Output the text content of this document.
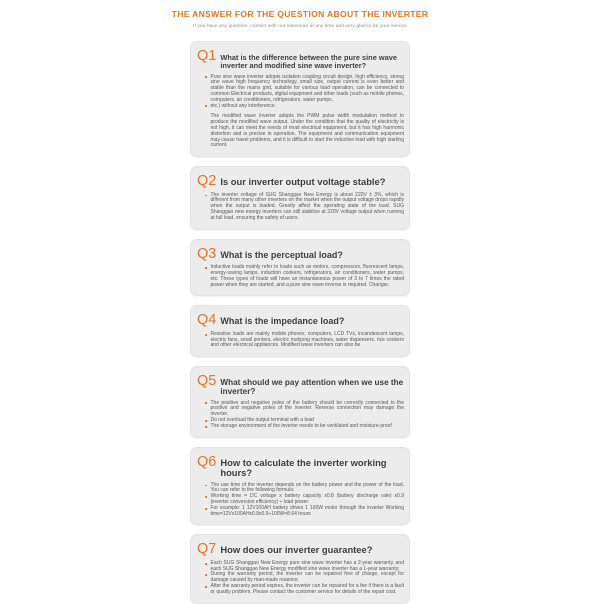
THE ANSWER FOR THE QUESTION ABOUT THE INVERTER

If you have any question, contact with our salesman at any time and very glad to be your service

Q1 What is the difference between the pure sine wave inverter and modified sine wave inverter?
Pure sine wave inverter adopts isolation coupling circuit design, high efficiency, strong sine wave high frequency technology, small size, output current is even better and stable than the mains grid, suitable for various load operation, can be connected to common Electrical products, digital equipment and other loads (such as mobile phones, computers, air conditioners, refrigerators, water pumps,
etc.) without any interference.
The modified wave inverter adopts the PWM pulse width modulation method to produce the modified wave output. Under the condition that the quality of electricity is not high, it can meet the needs of most electrical equipment, but it has high harmonic distortion and is precise in operation. The equipment and communication equipment may cause travel problems, and it is difficult to start the inductive load with high starting current.
Q2 Is our inverter output voltage stable?
The inverter voltage of SUG Shanggao New Energy is about 220V ± 3%, which is different from many other inverters on the market when the output voltage drops rapidly when the output is loaded. Greatly affect the operating state of the load. SUG Shanggao new energy inverters can still stabilize at 220V voltage output when running at full load, ensuring the safety of users.
Q3 What is the perceptual load?
Inductive loads mainly refer to loads such as motors, compressors, fluorescent lamps, energy-saving lamps, induction cookers, refrigerators, air conditioners, water pumps, etc. These types of loads will have an instantaneous power of 3 to 7 times the rated power when they are started, and a pure sine wave inverse is required. Changer.
Q4 What is the impedance load?
Resistive loads are mainly mobile phones, computers, LCD TVs, incandescent lamps, electric fans, small printers, electric mahjong machines, water dispensers, rice cookers and other electrical appliances. Modified wave inverters can also be
Q5 What should we pay attention when we use the inverter?
The positive and negative poles of the battery should be correctly connected to the positive and negative poles of the inverter. Reverse connection may damage the inverter.
Do not overload the output terminal with a load
The storage environment of the inverter needs to be ventilated and moisture-proof
Q6 How to calculate the inverter working hours?
The use time of the inverter depends on the battery power and the power of the load. You can refer to the following formula:
Working time = DC voltage x battery capacity x0.8 (battery discharge rate) x0.9 (inverter conversion efficiency) ÷ load power
For example: 1 12V100AH battery drives 1 100W motor through the inverter Working time=12Vx100AHx0.8x0.9÷100W=8.64 hours
Q7 How does our inverter guarantee?
Each SUG Shanggao New Energy pure sine wave inverter has a 2-year warranty, and each SUG Shanggao New Energy modified sine wave inverter has a 1-year warranty;
During the warranty period, the inverter can be repaired free of charge, except for damage caused by man-made reasons;
After the warranty period expires, the inverter can be repaired for a fee if there is a fault or quality problem. Please contact the customer service for details of the repair cost.
